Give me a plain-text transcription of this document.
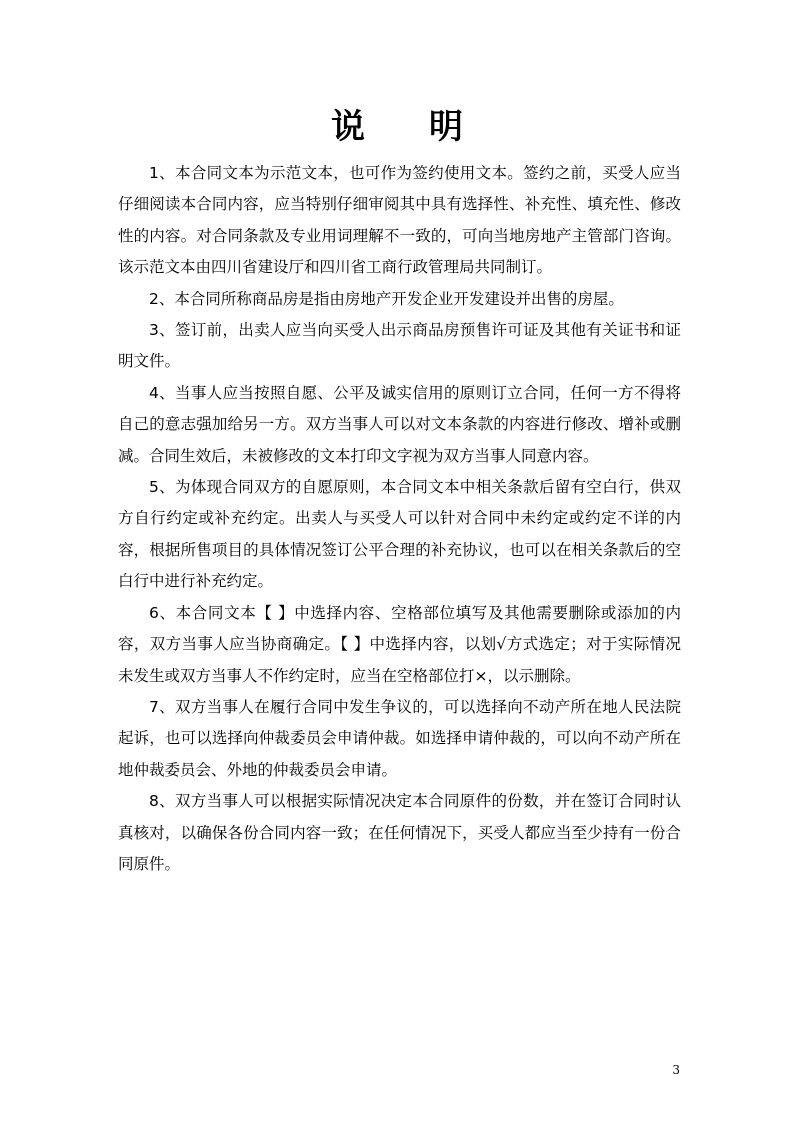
说 明

1、本合同文本为示范文本，也可作为签约使用文本。签约之前，买受人应当仔细阅读本合同内容，应当特别仔细审阅其中具有选择性、补充性、填充性、修改性的内容。对合同条款及专业用词理解不一致的，可向当地房地产主管部门咨询。该示范文本由四川省建设厅和四川省工商行政管理局共同制订。

2、本合同所称商品房是指由房地产开发企业开发建设并出售的房屋。

3、签订前，出卖人应当向买受人出示商品房预售许可证及其他有关证书和证明文件。

4、当事人应当按照自愿、公平及诚实信用的原则订立合同，任何一方不得将自己的意志强加给另一方。双方当事人可以对文本条款的内容进行修改、增补或删减。合同生效后，未被修改的文本打印文字视为双方当事人同意内容。

5、为体现合同双方的自愿原则，本合同文本中相关条款后留有空白行，供双方自行约定或补充约定。出卖人与买受人可以针对合同中未约定或约定不详的内容，根据所售项目的具体情况签订公平合理的补充协议，也可以在相关条款后的空白行中进行补充约定。

6、本合同文本【 】中选择内容、空格部位填写及其他需要删除或添加的内容，双方当事人应当协商确定。【 】中选择内容，以划√方式选定；对于实际情况未发生或双方当事人不作约定时，应当在空格部位打×，以示删除。

7、双方当事人在履行合同中发生争议的，可以选择向不动产所在地人民法院起诉，也可以选择向仲裁委员会申请仲裁。如选择申请仲裁的，可以向不动产所在地仲裁委员会、外地的仲裁委员会申请。

8、双方当事人可以根据实际情况决定本合同原件的份数，并在签订合同时认真核对，以确保各份合同内容一致；在任何情况下，买受人都应当至少持有一份合同原件。

3
